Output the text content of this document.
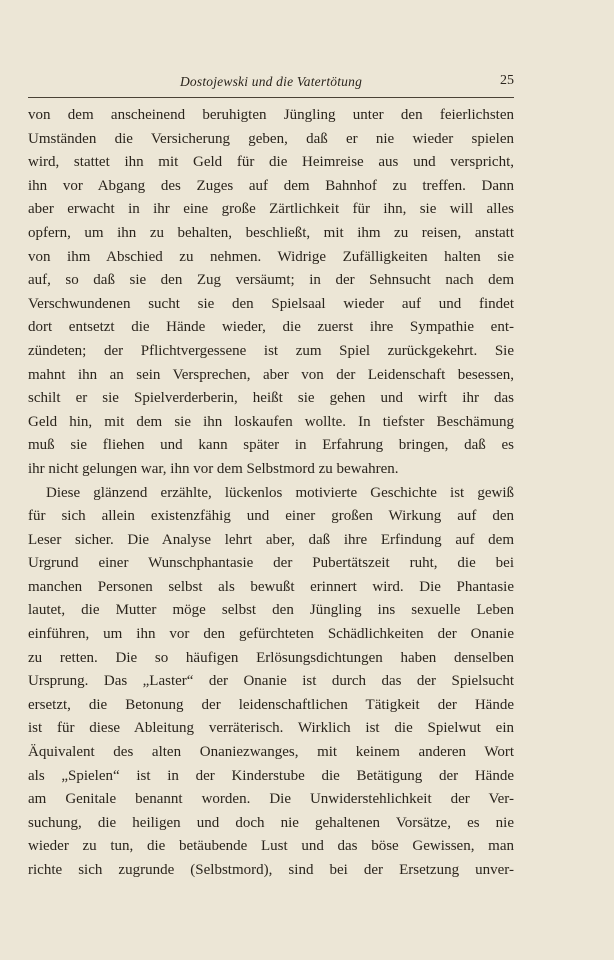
Dostojewski und die Vatertötung	25
von dem anscheinend beruhigten Jüngling unter den feierlichsten
Umständen die Versicherung geben, daß er nie wieder spielen
wird, stattet ihn mit Geld für die Heimreise aus und verspricht,
ihn vor Abgang des Zuges auf dem Bahnhof zu treffen. Dann
aber erwacht in ihr eine große Zärtlichkeit für ihn, sie will alles
opfern, um ihn zu behalten, beschließt, mit ihm zu reisen, anstatt
von ihm Abschied zu nehmen. Widrige Zufälligkeiten halten sie
auf, so daß sie den Zug versäumt; in der Sehnsucht nach dem
Verschwundenen sucht sie den Spielsaal wieder auf und findet
dort entsetzt die Hände wieder, die zuerst ihre Sympathie ent-
zündeten; der Pflichtvergessene ist zum Spiel zurückgekehrt. Sie
mahnt ihn an sein Versprechen, aber von der Leidenschaft besessen,
schilt er sie Spielverderberin, heißt sie gehen und wirft ihr das
Geld hin, mit dem sie ihn loskaufen wollte. In tiefster Beschämung
muß sie fliehen und kann später in Erfahrung bringen, daß es
ihr nicht gelungen war, ihn vor dem Selbstmord zu bewahren.
Diese glänzend erzählte, lückenlos motivierte Geschichte ist gewiß
für sich allein existenzfähig und einer großen Wirkung auf den
Leser sicher. Die Analyse lehrt aber, daß ihre Erfindung auf dem
Urgrund einer Wunschphantasie der Pubertätszeit ruht, die bei
manchen Personen selbst als bewußt erinnert wird. Die Phantasie
lautet, die Mutter möge selbst den Jüngling ins sexuelle Leben
einführen, um ihn vor den gefürchteten Schädlichkeiten der Onanie
zu retten. Die so häufigen Erlösungsdichtungen haben denselben
Ursprung. Das „Laster“ der Onanie ist durch das der Spielsucht
ersetzt, die Betonung der leidenschaftlichen Tätigkeit der Hände
ist für diese Ableitung verräterisch. Wirklich ist die Spielwut ein
Äquivalent des alten Onaniezwanges, mit keinem anderen Wort
als „Spielen“ ist in der Kinderstube die Betätigung der Hände
am Genitale benannt worden. Die Unwiderstehlichkeit der Ver-
suchung, die heiligen und doch nie gehaltenen Vorsätze, es nie
wieder zu tun, die betäubende Lust und das böse Gewissen, man
richte sich zugrunde (Selbstmord), sind bei der Ersetzung unver-
